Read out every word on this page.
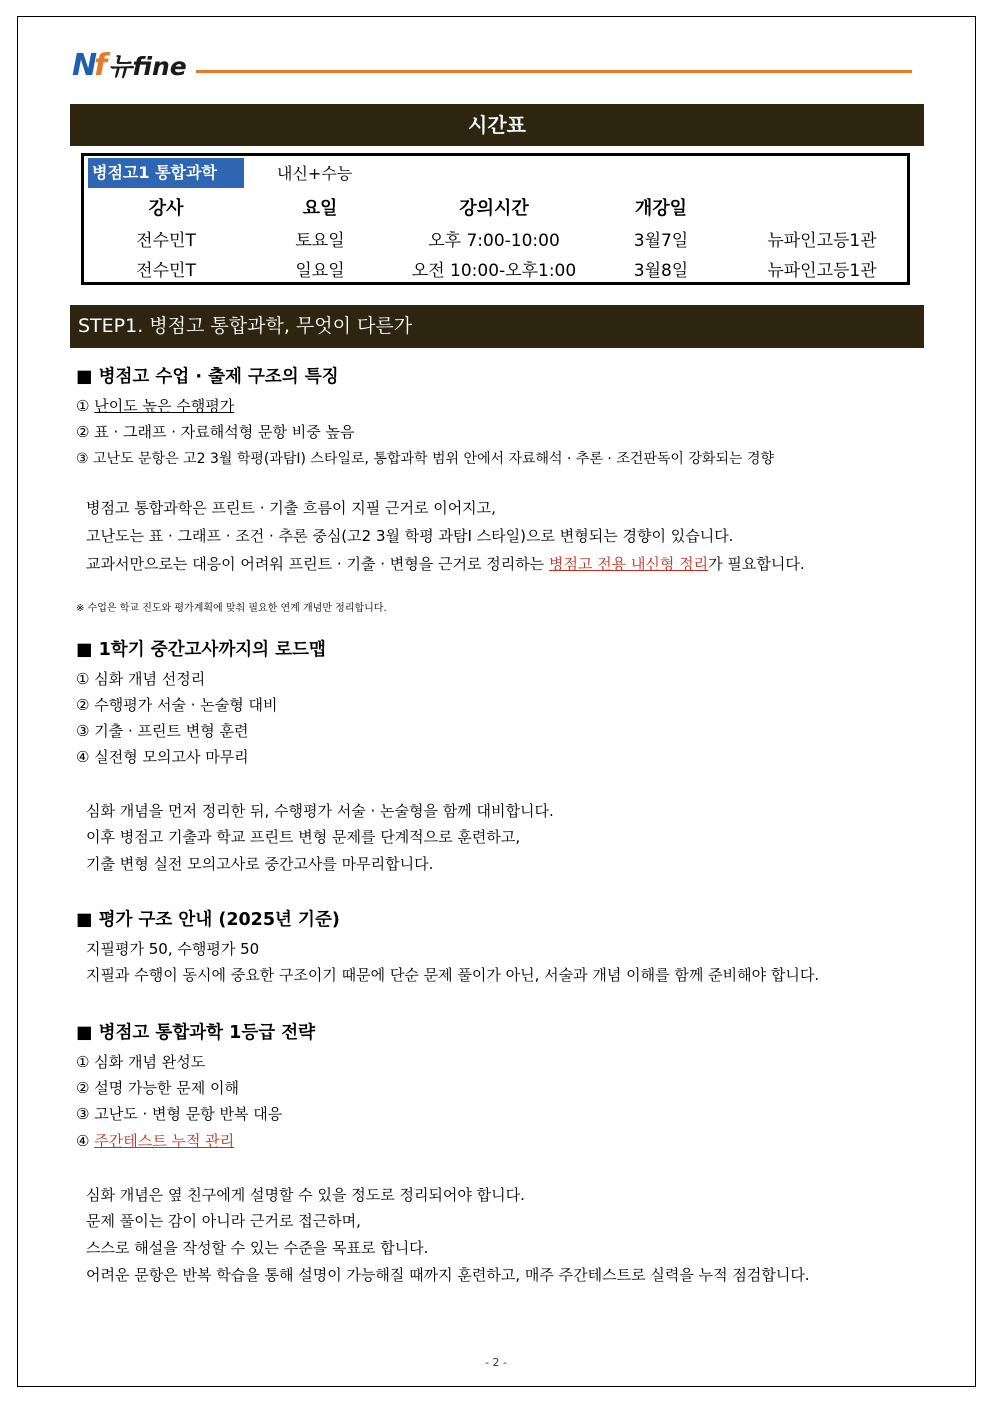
Nf 뉴fine
시간표
병점고1 통합과학	내신+수능
강사	요일	강의시간	개강일
전수민T	토요일	오후 7:00-10:00	3월7일	뉴파인고등1관
전수민T	일요일	오전 10:00-오후1:00	3월8일	뉴파인고등1관
STEP1. 병점고 통합과학, 무엇이 다른가
■ 병점고 수업 · 출제 구조의 특징
① 난이도 높은 수행평가
② 표 · 그래프 · 자료해석형 문항 비중 높음
③ 고난도 문항은 고2 3월 학평(과탐Ⅰ) 스타일로, 통합과학 범위 안에서 자료해석 · 추론 · 조건판독이 강화되는 경향
병점고 통합과학은 프린트 · 기출 흐름이 지필 근거로 이어지고,
고난도는 표 · 그래프 · 조건 · 추론 중심(고2 3월 학평 과탐Ⅰ 스타일)으로 변형되는 경향이 있습니다.
교과서만으로는 대응이 어려워 프린트 · 기출 · 변형을 근거로 정리하는 병점고 전용 내신형 정리가 필요합니다.
※ 수업은 학교 진도와 평가계획에 맞춰 필요한 연계 개념만 정리합니다.
■ 1학기 중간고사까지의 로드맵
① 심화 개념 선정리
② 수행평가 서술 · 논술형 대비
③ 기출 · 프린트 변형 훈련
④ 실전형 모의고사 마무리
심화 개념을 먼저 정리한 뒤, 수행평가 서술 · 논술형을 함께 대비합니다.
이후 병점고 기출과 학교 프린트 변형 문제를 단계적으로 훈련하고,
기출 변형 실전 모의고사로 중간고사를 마무리합니다.
■ 평가 구조 안내 (2025년 기준)
지필평가 50, 수행평가 50
지필과 수행이 동시에 중요한 구조이기 때문에 단순 문제 풀이가 아닌, 서술과 개념 이해를 함께 준비해야 합니다.
■ 병점고 통합과학 1등급 전략
① 심화 개념 완성도
② 설명 가능한 문제 이해
③ 고난도 · 변형 문항 반복 대응
④ 주간테스트 누적 관리
심화 개념은 옆 친구에게 설명할 수 있을 정도로 정리되어야 합니다.
문제 풀이는 감이 아니라 근거로 접근하며,
스스로 해설을 작성할 수 있는 수준을 목표로 합니다.
어려운 문항은 반복 학습을 통해 설명이 가능해질 때까지 훈련하고, 매주 주간테스트로 실력을 누적 점검합니다.
- 2 -
